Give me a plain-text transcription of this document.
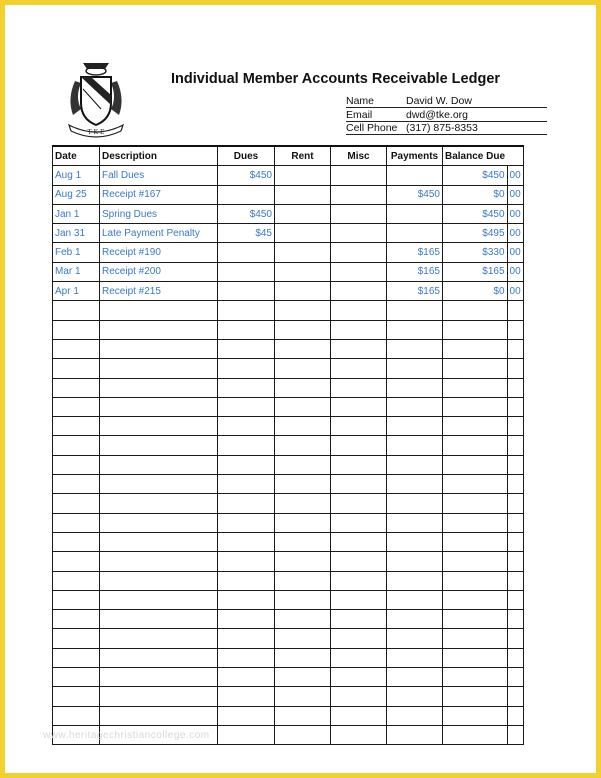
Τ Κ Ε
Individual Member Accounts Receivable Ledger
Name	David W. Dow
Email	dwd@tke.org
Cell Phone (317) 875-8353
Date	Description	Dues	Rent	Misc	Payments	Balance Due	
Aug 1	Fall Dues	$450				$450	00
Aug 25	Receipt #167				$450	$0	00
Jan 1	Spring Dues	$450				$450	00
Jan 31	Late Payment Penalty	$45				$495	00
Feb 1	Receipt #190				$165	$330	00
Mar 1	Receipt #200				$165	$165	00
Apr 1	Receipt #215				$165	$0	00

www.heritagechristiancollege.com
